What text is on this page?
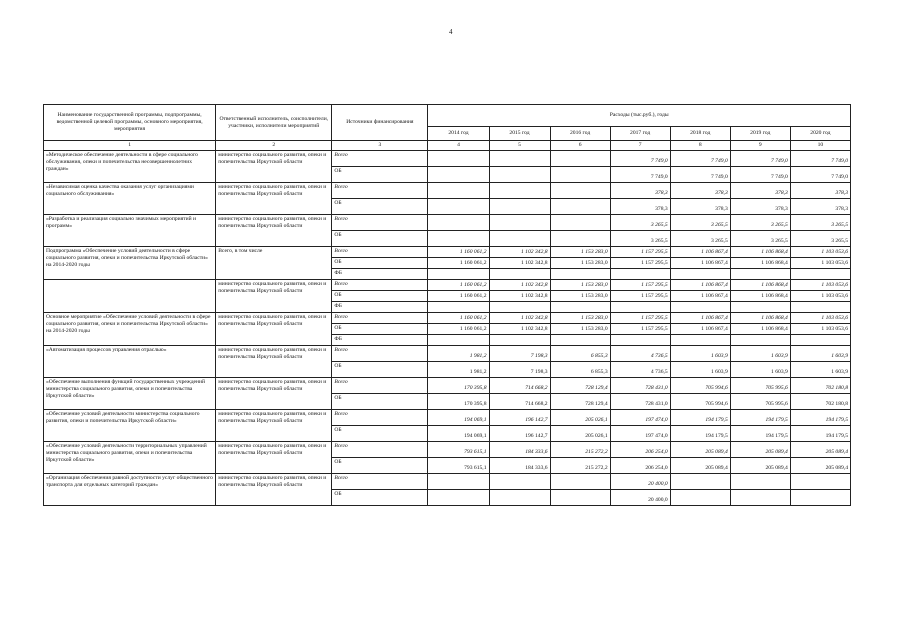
4
Наименование государственной программы, подпрограммы, ведомственной целевой программы, основного мероприятия, мероприятия	Ответственный исполнитель, соисполнители, участники, исполнители мероприятий	Источники финансирования	Расходы (тыс.руб.), годы						
			2014 год	2015 год	2016 год	2017 год	2018 год	2019 год	2020 год
1	2	3	4	5	6	7	8	9	10
«Методическое обеспечение деятельности в сфере социального обслуживания, опеки и попечительства несовершеннолетних граждан»	министерство социального развития, опеки и попечительства Иркутской области	Всего				7 749,0	7 749,0	7 749,0	7 749,0
		ОБ				7 749,0	7 749,0	7 749,0	7 749,0
«Независимая оценка качества оказания услуг организациями социального обслуживания»	министерство социального развития, опеки и попечительства Иркутской области	Всего				378,3	378,3	378,3	378,3
		ОБ				378,3	378,3	378,3	378,3
«Разработка и реализация социально значимых мероприятий и программ»	министерство социального развития, опеки и попечительства Иркутской области	Всего				3 265,5	3 265,5	3 265,5	3 265,5
		ОБ				3 265,5	3 265,5	3 265,5	3 265,5
Подпрограмма «Обеспечение условий деятельности в сфере социального развития, опеки и попечительства Иркутской области» на 2014-2020 годы	Всего, в том числе	Всего	1 160 061,2	1 102 342,8	1 153 283,0	1 157 295,5	1 106 867,4	1 106 868,4	1 103 053,6
		ОБ	1 160 061,2	1 102 342,8	1 153 283,0	1 157 295,5	1 106 867,4	1 106 868,4	1 103 053,6
		ФБ							
	министерство социального развития, опеки и попечительства Иркутской области	Всего	1 160 061,2	1 102 342,8	1 153 283,0	1 157 295,5	1 106 867,4	1 106 868,4	1 103 053,6
		ОБ	1 160 061,2	1 102 342,8	1 153 283,0	1 157 295,5	1 106 867,4	1 106 868,4	1 103 053,6
		ФБ							
Основное мероприятие «Обеспечение условий деятельности в сфере социального развития, опеки и попечительства Иркутской области» на 2014-2020 годы	министерство социального развития, опеки и попечительства Иркутской области	Всего	1 160 061,2	1 102 342,8	1 153 283,0	1 157 295,5	1 106 867,4	1 106 868,4	1 103 053,6
		ОБ	1 160 061,2	1 102 342,8	1 153 283,0	1 157 295,5	1 106 867,4	1 106 868,4	1 103 053,6
		ФБ							
«Автоматизация процессов управления отраслью»	министерство социального развития, опеки и попечительства Иркутской области	Всего	1 981,2	7 198,3	6 855,3	4 736,5	1 603,9	1 603,9	1 603,9
		ОБ	1 981,2	7 198,3	6 855,3	4 736,5	1 603,9	1 603,9	1 603,9
«Обеспечение выполнения функций государственных учреждений министерства социального развития, опеки и попечительства Иркутской области»	министерство социального развития, опеки и попечительства Иркутской области	Всего	170 395,8	714 668,2	728 129,4	728 431,0	705 994,6	705 995,6	702 180,8
		ОБ	170 395,8	714 668,2	728 129,4	728 431,0	705 994,6	705 995,6	702 180,8
«Обеспечение условий деятельности министерства социального развития, опеки и попечительства Иркутской области»	министерство социального развития, опеки и попечительства Иркутской области	Всего	194 069,1	196 142,7	205 026,1	197 474,0	194 179,5	194 179,5	194 179,5
		ОБ	194 069,1	196 142,7	205 026,1	197 474,0	194 179,5	194 179,5	194 179,5
«Обеспечение условий деятельности территориальных управлений министерства социального развития, опеки и попечительства Иркутской области»	министерство социального развития, опеки и попечительства Иркутской области	Всего	793 615,1	184 333,6	215 272,2	206 254,0	205 089,4	205 089,4	205 089,4
		ОБ	793 615,1	184 333,6	215 272,2	206 254,0	205 089,4	205 089,4	205 089,4
«Организация обеспечения равной доступности услуг общественного транспорта для отдельных категорий граждан»	министерство социального развития, опеки и попечительства Иркутской области	Всего				20 400,0			
		ОБ				20 400,0			
